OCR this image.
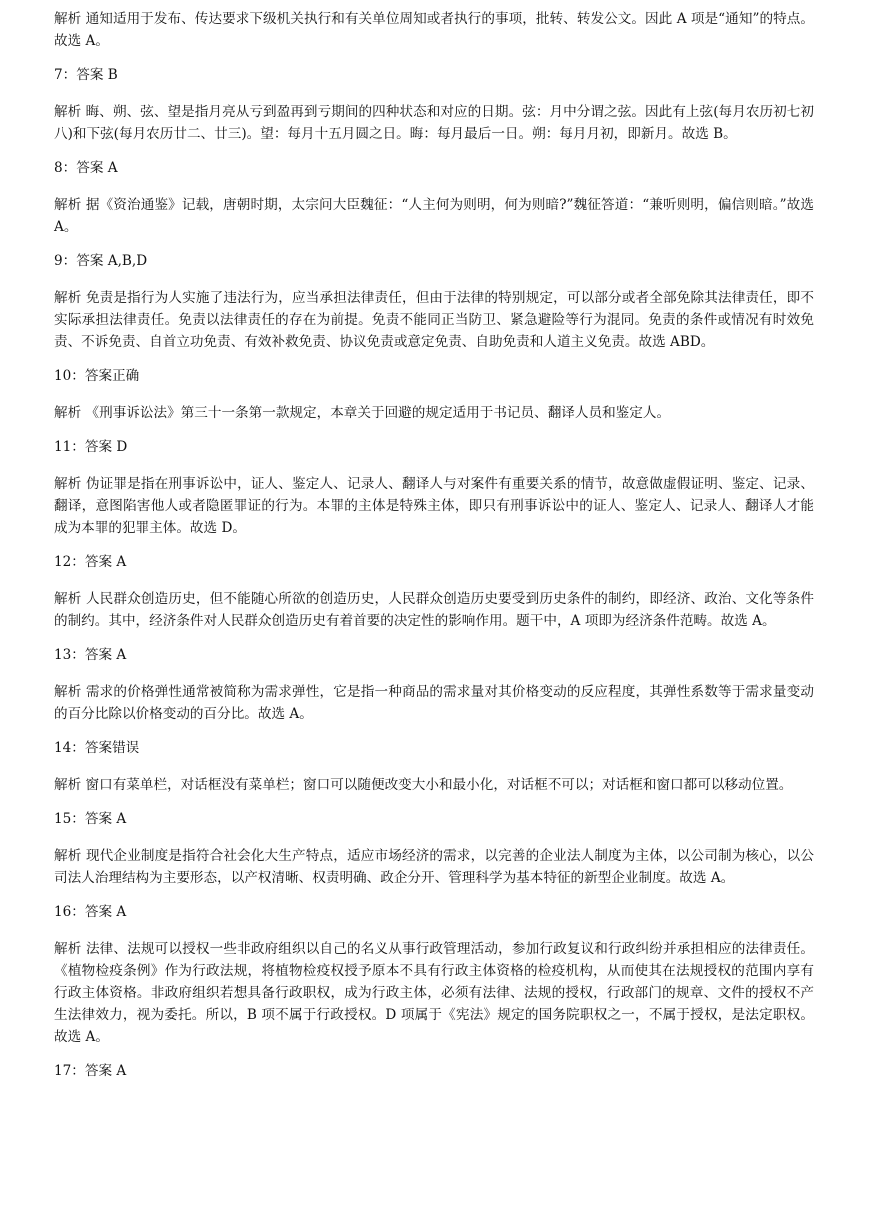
解析 通知适用于发布、传达要求下级机关执行和有关单位周知或者执行的事项，批转、转发公文。因此 A 项是“通知”的特点。故选 A。

7：答案 B

解析 晦、朔、弦、望是指月亮从亏到盈再到亏期间的四种状态和对应的日期。弦：月中分谓之弦。因此有上弦(每月农历初七初八)和下弦(每月农历廿二、廿三)。望：每月十五月圆之日。晦：每月最后一日。朔：每月月初，即新月。故选 B。

8：答案 A

解析 据《资治通鉴》记载，唐朝时期，太宗问大臣魏征：“人主何为则明，何为则暗?”魏征答道：“兼听则明，偏信则暗。”故选 A。

9：答案 A,B,D

解析 免责是指行为人实施了违法行为，应当承担法律责任，但由于法律的特别规定，可以部分或者全部免除其法律责任，即不实际承担法律责任。免责以法律责任的存在为前提。免责不能同正当防卫、紧急避险等行为混同。免责的条件或情况有时效免责、不诉免责、自首立功免责、有效补救免责、协议免责或意定免责、自助免责和人道主义免责。故选 ABD。

10：答案正确

解析 《刑事诉讼法》第三十一条第一款规定，本章关于回避的规定适用于书记员、翻译人员和鉴定人。

11：答案 D

解析 伪证罪是指在刑事诉讼中，证人、鉴定人、记录人、翻译人与对案件有重要关系的情节，故意做虚假证明、鉴定、记录、翻译，意图陷害他人或者隐匿罪证的行为。本罪的主体是特殊主体，即只有刑事诉讼中的证人、鉴定人、记录人、翻译人才能成为本罪的犯罪主体。故选 D。

12：答案 A

解析 人民群众创造历史，但不能随心所欲的创造历史，人民群众创造历史要受到历史条件的制约，即经济、政治、文化等条件的制约。其中，经济条件对人民群众创造历史有着首要的决定性的影响作用。题干中，A 项即为经济条件范畴。故选 A。

13：答案 A

解析 需求的价格弹性通常被简称为需求弹性，它是指一种商品的需求量对其价格变动的反应程度，其弹性系数等于需求量变动的百分比除以价格变动的百分比。故选 A。

14：答案错误

解析 窗口有菜单栏，对话框没有菜单栏；窗口可以随便改变大小和最小化，对话框不可以；对话框和窗口都可以移动位置。

15：答案 A

解析 现代企业制度是指符合社会化大生产特点，适应市场经济的需求，以完善的企业法人制度为主体，以公司制为核心，以公司法人治理结构为主要形态，以产权清晰、权责明确、政企分开、管理科学为基本特征的新型企业制度。故选 A。

16：答案 A

解析 法律、法规可以授权一些非政府组织以自己的名义从事行政管理活动，参加行政复议和行政纠纷并承担相应的法律责任。《植物检疫条例》作为行政法规，将植物检疫权授予原本不具有行政主体资格的检疫机构，从而使其在法规授权的范围内享有行政主体资格。非政府组织若想具备行政职权，成为行政主体，必须有法律、法规的授权，行政部门的规章、文件的授权不产生法律效力，视为委托。所以，B 项不属于行政授权。D 项属于《宪法》规定的国务院职权之一，不属于授权，是法定职权。故选 A。

17：答案 A
